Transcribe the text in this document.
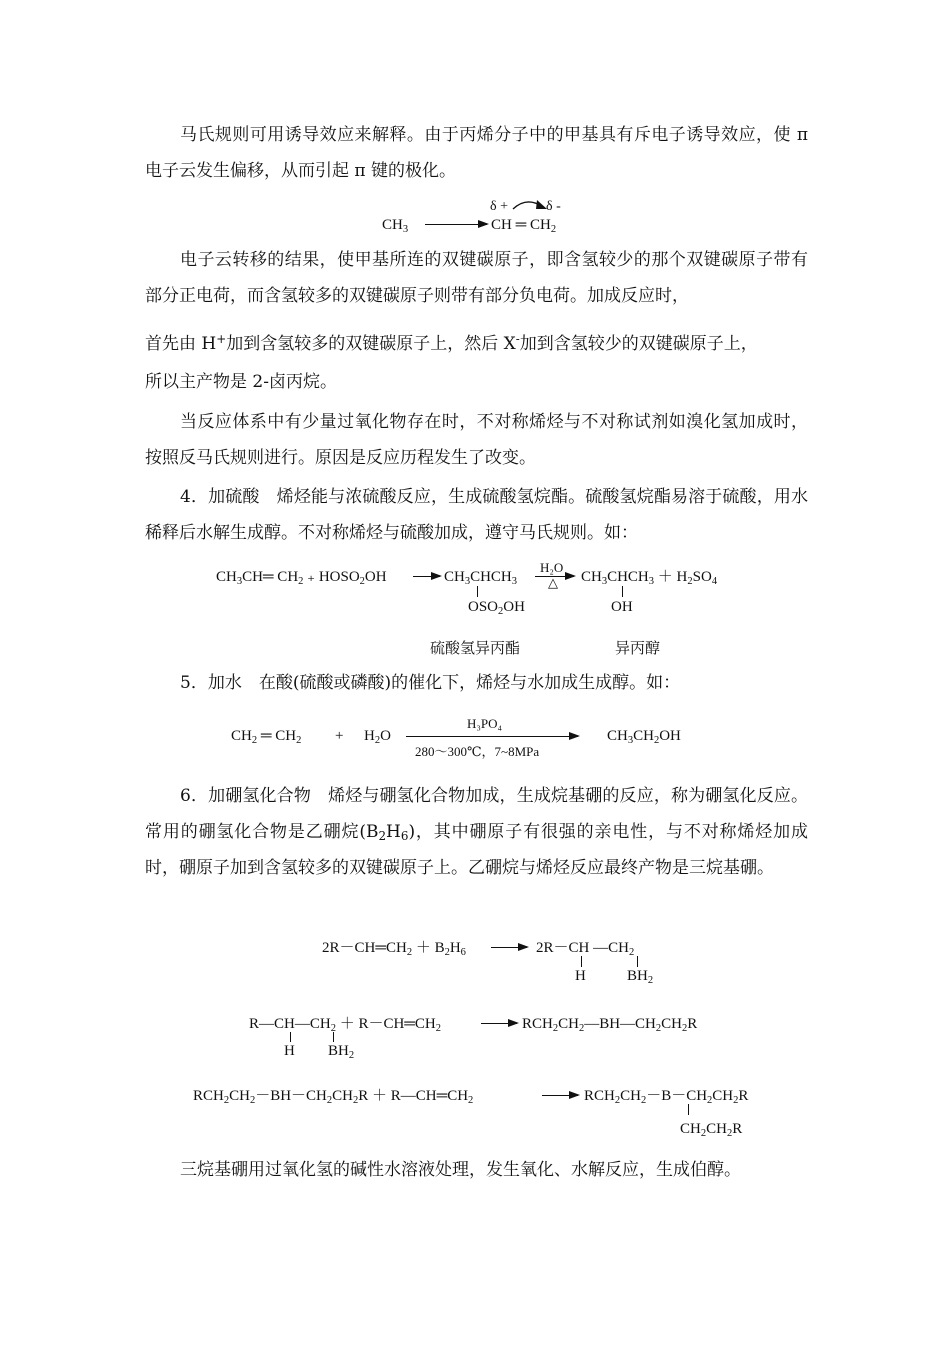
马氏规则可用诱导效应来解释。由于丙烯分子中的甲基具有斥电子诱导效应，使 π 电子云发生偏移，从而引起 π 键的极化。
$CH_3$ → CH ═ $CH_2$
δ +	δ -
电子云转移的结果，使甲基所连的双键碳原子，即含氢较少的那个双键碳原子带有部分正电荷，而含氢较多的双键碳原子则带有部分负电荷。加成反应时，
首先由 H+加到含氢较多的双键碳原子上，然后 X-加到含氢较少的双键碳原子上，
所以主产物是 2-卤丙烷。
当反应体系中有少量过氧化物存在时，不对称烯烃与不对称试剂如溴化氢加成时，按照反马氏规则进行。原因是反应历程发生了改变。
4．加硫酸　烯烃能与浓硫酸反应，生成硫酸氢烷酯。硫酸氢烷酯易溶于硫酸，用水稀释后水解生成醇。不对称烯烃与硫酸加成，遵守马氏规则。如：
$CH_3CH═$ $CH_2$ ₊ $HOSO_2OH$ → $CH_3CHCH_3$
$OSO_2OH$
H₂O
△ $CH_3CHCH_3 + H_2SO_4$
OH
硫酸氢异丙酯	异丙醇
5．加水　在酸(硫酸或磷酸)的催化下，烯烃与水加成生成醇。如：
$CH_2$ ═ $CH_2 + H_2O$
H₃PO₄
280～300℃，7~8MPa
$CH_3CH_2OH$
6．加硼氢化合物　烯烃与硼氢化合物加成，生成烷基硼的反应，称为硼氢化反应。常用的硼氢化合物是乙硼烷$(B_2H_6)$，其中硼原子有很强的亲电性，与不对称烯烃加成时，硼原子加到含氢较多的双键碳原子上。乙硼烷与烯烃反应最终产物是三烷基硼。
$2R-CH═CH_2 + B_2H_6 \to 2R-CH$ $—CH_2$
H	$BH_2$
$R—CH—CH_2$ ＋ $R-CH═CH_2$
H $BH_2$
→ $RCH_2CH_2—BH—CH_2CH_2R$
$RCH_2CH_2-BH-CH_2CH_2R$ ＋ $R—CH═CH_2$	→ $RCH_2CH_2-B-CH_2CH_2R$
$CH_2CH_2R$
三烷基硼用过氧化氢的碱性水溶液处理，发生氧化、水解反应，生成伯醇。
